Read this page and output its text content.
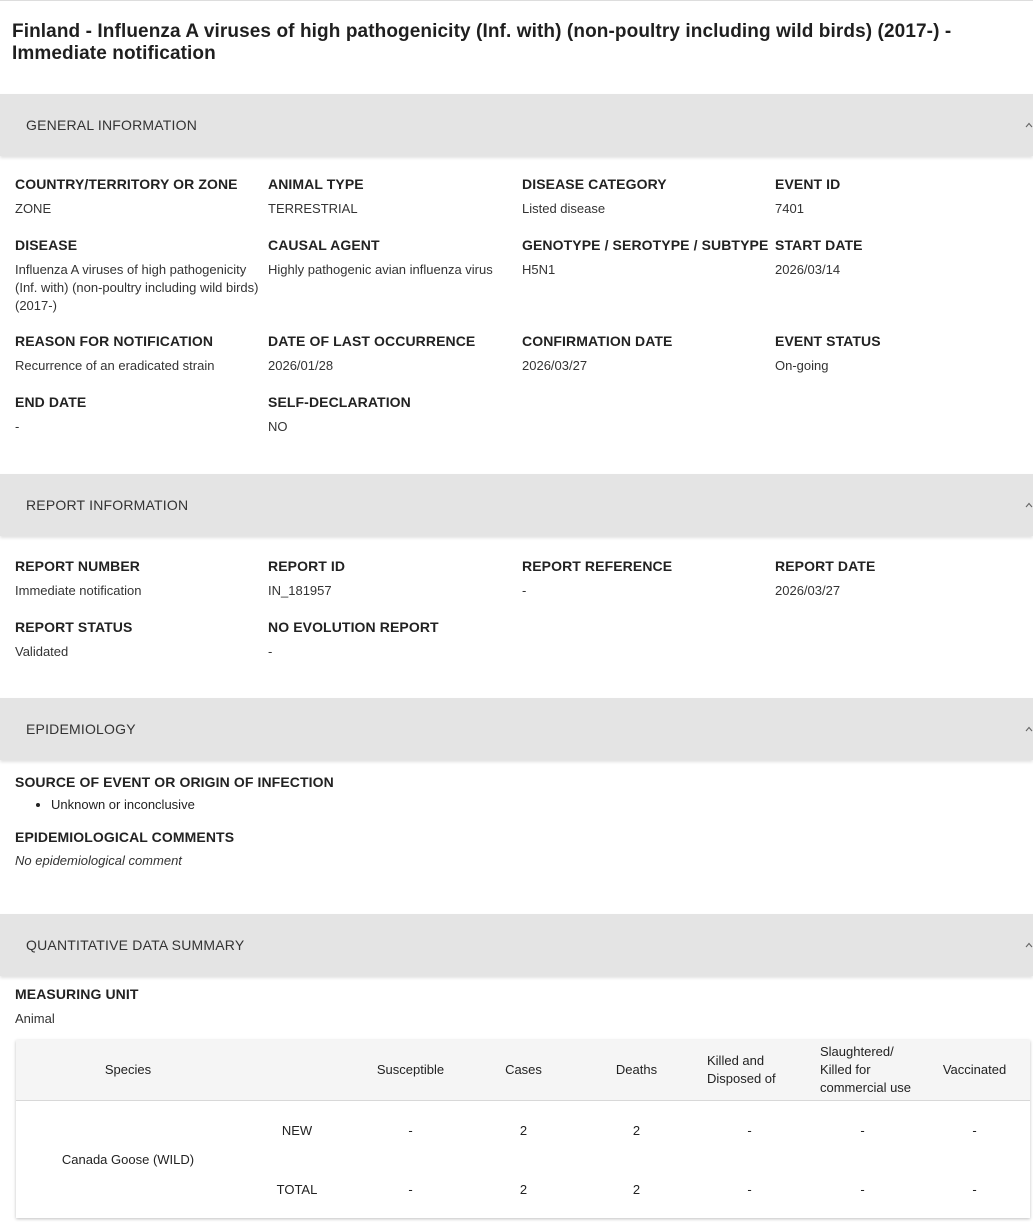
Finland - Influenza A viruses of high pathogenicity (Inf. with) (non-poultry including wild birds) (2017-) -
Immediate notification
GENERAL INFORMATION
COUNTRY/TERRITORY OR ZONE
ZONE
ANIMAL TYPE
TERRESTRIAL
DISEASE CATEGORY
Listed disease
EVENT ID
7401
DISEASE
Influenza A viruses of high pathogenicity (Inf. with) (non-poultry including wild birds) (2017-)
CAUSAL AGENT
Highly pathogenic avian influenza virus
GENOTYPE / SEROTYPE / SUBTYPE
H5N1
START DATE
2026/03/14
REASON FOR NOTIFICATION
Recurrence of an eradicated strain
DATE OF LAST OCCURRENCE
2026/01/28
CONFIRMATION DATE
2026/03/27
EVENT STATUS
On-going
END DATE
-
SELF-DECLARATION
NO
REPORT INFORMATION
REPORT NUMBER
Immediate notification
REPORT ID
IN_181957
REPORT REFERENCE
-
REPORT DATE
2026/03/27
REPORT STATUS
Validated
NO EVOLUTION REPORT
-
EPIDEMIOLOGY
SOURCE OF EVENT OR ORIGIN OF INFECTION
• Unknown or inconclusive
EPIDEMIOLOGICAL COMMENTS
No epidemiological comment
QUANTITATIVE DATA SUMMARY
MEASURING UNIT
Animal
Species		Susceptible	Cases	Deaths	Killed and Disposed of	Slaughtered/ Killed for commercial use	Vaccinated
Canada Goose (WILD)	NEW	-	2	2	-	-	-
	TOTAL	-	2	2	-	-	-
